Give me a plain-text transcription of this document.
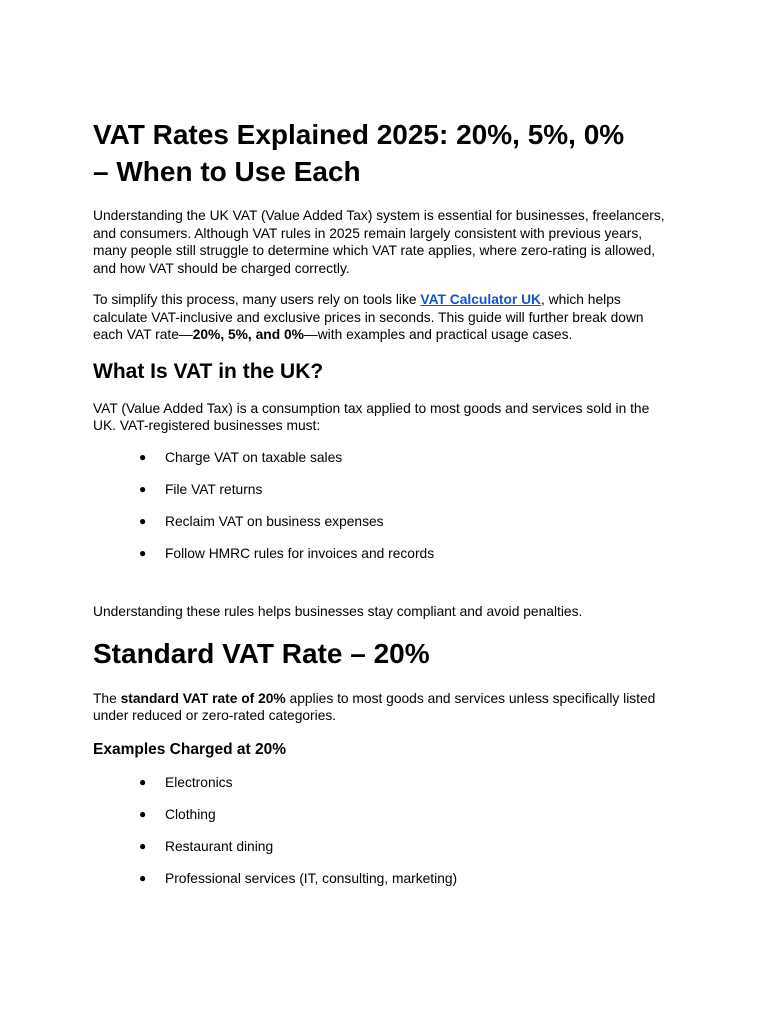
VAT Rates Explained 2025: 20%, 5%, 0%
– When to Use Each

Understanding the UK VAT (Value Added Tax) system is essential for businesses, freelancers, and consumers. Although VAT rules in 2025 remain largely consistent with previous years, many people still struggle to determine which VAT rate applies, where zero-rating is allowed, and how VAT should be charged correctly.

To simplify this process, many users rely on tools like VAT Calculator UK, which helps calculate VAT-inclusive and exclusive prices in seconds. This guide will further break down each VAT rate—20%, 5%, and 0%—with examples and practical usage cases.

What Is VAT in the UK?

VAT (Value Added Tax) is a consumption tax applied to most goods and services sold in the UK. VAT-registered businesses must:

● Charge VAT on taxable sales
● File VAT returns
● Reclaim VAT on business expenses
● Follow HMRC rules for invoices and records

Understanding these rules helps businesses stay compliant and avoid penalties.

Standard VAT Rate – 20%

The standard VAT rate of 20% applies to most goods and services unless specifically listed under reduced or zero-rated categories.

Examples Charged at 20%
● Electronics
● Clothing
● Restaurant dining
● Professional services (IT, consulting, marketing)
